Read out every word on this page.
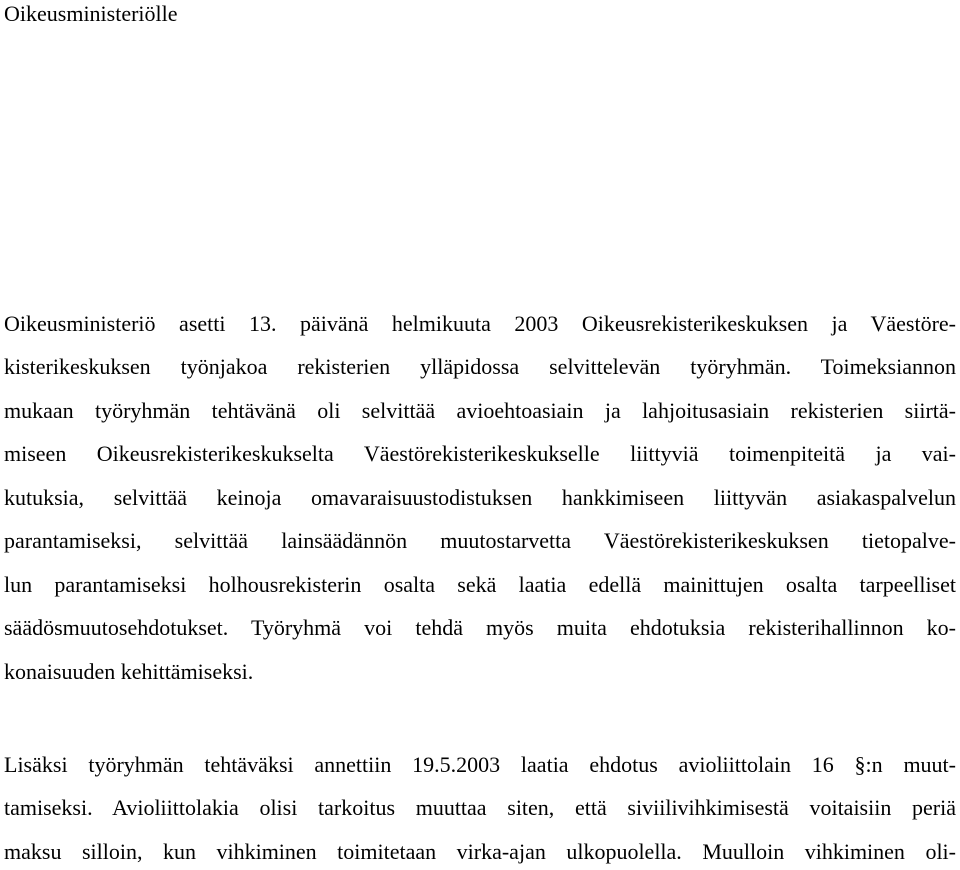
Oikeusministeriölle
Oikeusministeriö asetti 13. päivänä helmikuuta 2003 Oikeusrekisterikeskuksen ja Väestöre-
kisterikeskuksen työnjakoa rekisterien ylläpidossa selvittelevän työryhmän. Toimeksiannon
mukaan työryhmän tehtävänä oli selvittää avioehtoasiain ja lahjoitusasiain rekisterien siirtä-
miseen Oikeusrekisterikeskukselta Väestörekisterikeskukselle liittyviä toimenpiteitä ja vai-
kutuksia, selvittää keinoja omavaraisuustodistuksen hankkimiseen liittyvän asiakaspalvelun
parantamiseksi, selvittää lainsäädännön muutostarvetta Väestörekisterikeskuksen tietopalve-
lun parantamiseksi holhousrekisterin osalta sekä laatia edellä mainittujen osalta tarpeelliset
säädösmuutosehdotukset. Työryhmä voi tehdä myös muita ehdotuksia rekisterihallinnon ko-
konaisuuden kehittämiseksi.
Lisäksi työryhmän tehtäväksi annettiin 19.5.2003 laatia ehdotus avioliittolain 16 §:n muut-
tamiseksi. Avioliittolakia olisi tarkoitus muuttaa siten, että siviilivihkimisestä voitaisiin periä
maksu silloin, kun vihkiminen toimitetaan virka-ajan ulkopuolella. Muulloin vihkiminen oli-
